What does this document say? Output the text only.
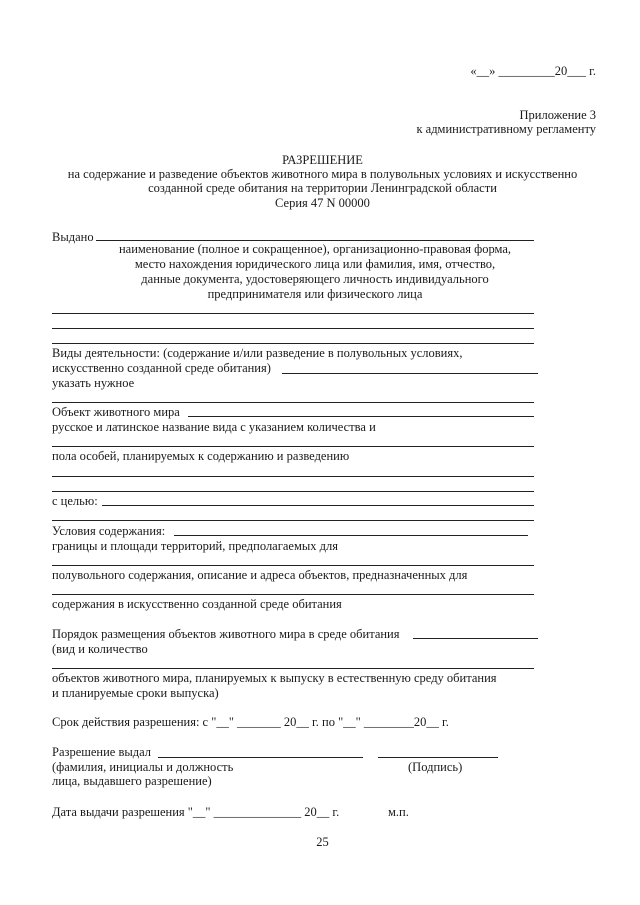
«__» _________20___ г.
Приложение 3
к административному регламенту
РАЗРЕШЕНИЕ
на содержание и разведение объектов животного мира в полувольных условиях и искусственно
созданной среде обитания на территории Ленинградской области
Серия 47 N 00000
Выдано
наименование (полное и сокращенное), организационно-правовая форма,
место нахождения юридического лица или фамилия, имя, отчество,
данные документа, удостоверяющего личность индивидуального
предпринимателя или физического лица
Виды деятельности: (содержание и/или разведение в полувольных условиях,
искусственно созданной среде обитания)
указать нужное
Объект животного мира
русское и латинское название вида с указанием количества и
пола особей, планируемых к содержанию и разведению
с целью:
Условия содержания:
границы и площади территорий, предполагаемых для
полувольного содержания, описание и адреса объектов, предназначенных для
содержания в искусственно созданной среде обитания
Порядок размещения объектов животного мира в среде обитания
(вид и количество
объектов животного мира, планируемых к выпуску в естественную среду обитания
и планируемые сроки выпуска)
Срок действия разрешения: с "__" _______ 20__ г. по "__" ________20__ г.
Разрешение выдал
(фамилия, инициалы и должность	(Подпись)
лица, выдавшего разрешение)
Дата выдачи разрешения "__" ______________ 20__ г.	м.п.
25
